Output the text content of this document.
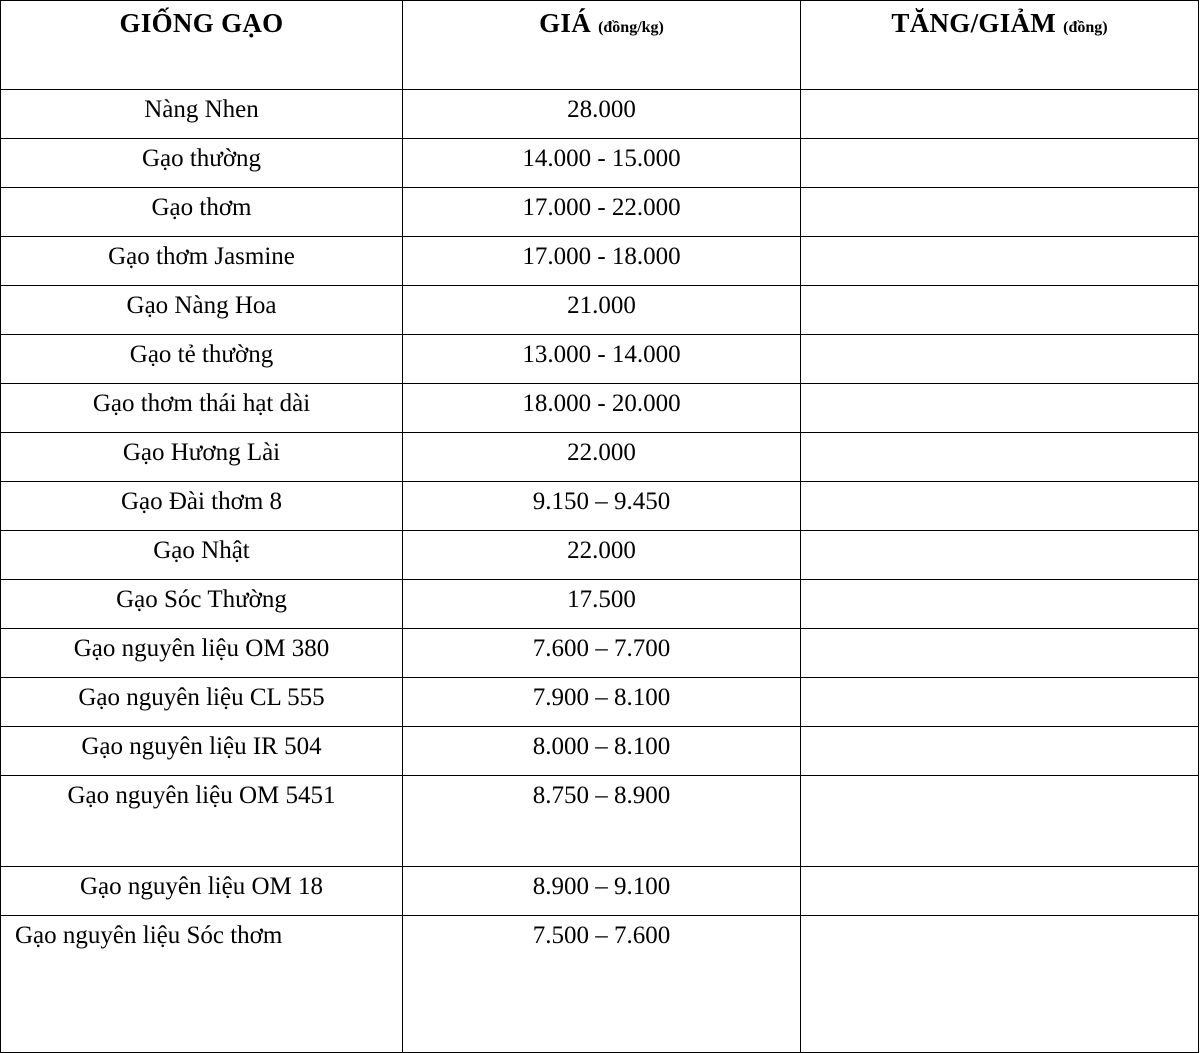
GIỐNG GẠO	GIÁ (đồng/kg)	TĂNG/GIẢM (đồng)
Nàng Nhen	28.000	
Gạo thường	14.000 - 15.000	
Gạo thơm	17.000 - 22.000	
Gạo thơm Jasmine	17.000 - 18.000	
Gạo Nàng Hoa	21.000	
Gạo tẻ thường	13.000 - 14.000	
Gạo thơm thái hạt dài	18.000 - 20.000	
Gạo Hương Lài	22.000	
Gạo Đài thơm 8	9.150 – 9.450	
Gạo Nhật	22.000	
Gạo Sóc Thường	17.500	
Gạo nguyên liệu OM 380	7.600 – 7.700	
Gạo nguyên liệu CL 555	7.900 – 8.100	
Gạo nguyên liệu IR 504	8.000 – 8.100	
Gạo nguyên liệu OM 5451	8.750 – 8.900	
Gạo nguyên liệu OM 18	8.900 – 9.100	
Gạo nguyên liệu Sóc thơm	7.500 – 7.600	
